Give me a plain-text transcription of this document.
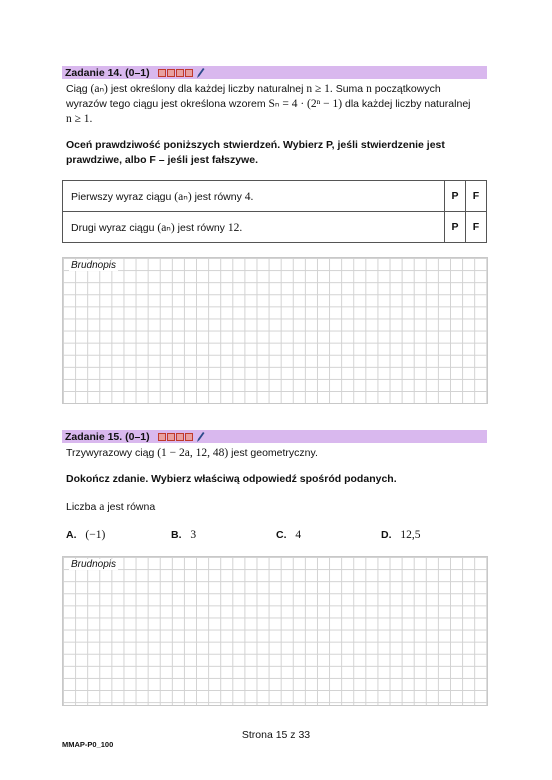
Zadanie 14. (0–1)
Ciąg (aₙ) jest określony dla każdej liczby naturalnej n ≥ 1. Suma n początkowych
wyrazów tego ciągu jest określona wzorem Sₙ = 4 · (2ⁿ − 1) dla każdej liczby naturalnej
n ≥ 1.
Oceń prawdziwość poniższych stwierdzeń. Wybierz P, jeśli stwierdzenie jest
prawdziwe, albo F – jeśli jest fałszywe.
Pierwszy wyraz ciągu (aₙ) jest równy 4.	P	F
Drugi wyraz ciągu (aₙ) jest równy 12.	P	F
Brudnopis
Zadanie 15. (0–1)
Trzywyrazowy ciąg (1 − 2a, 12, 48) jest geometryczny.
Dokończ zdanie. Wybierz właściwą odpowiedź spośród podanych.
Liczba a jest równa
A. (−1)	B. 3	C. 4	D. 12,5
Brudnopis
Strona 15 z 33
MMAP-P0_100
